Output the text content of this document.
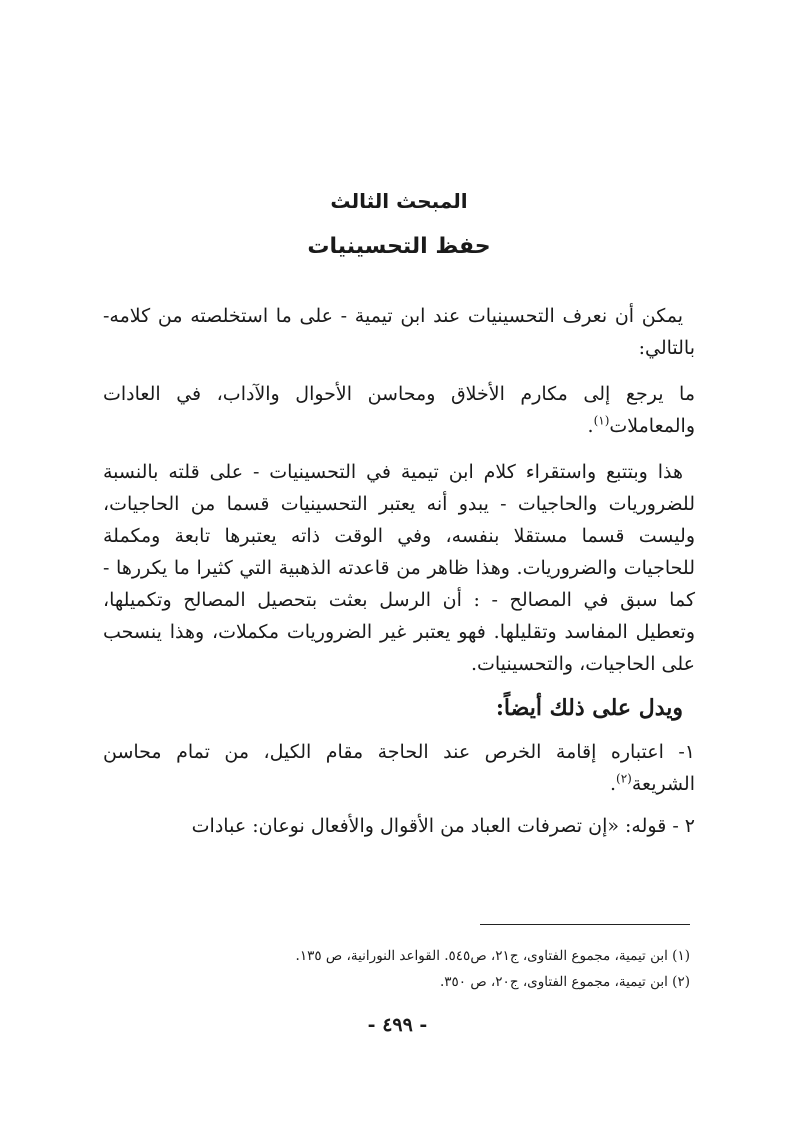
المبحث الثالث
حفظ التحسينيات

يمكن أن نعرف التحسينيات عند ابن تيمية - على ما استخلصته من كلامه- بالتالي:

ما يرجع إلى مكارم الأخلاق ومحاسن الأحوال والآداب، في العادات والمعاملات$^{(١)}$.

هذا وبتتبع واستقراء كلام ابن تيمية في التحسينيات - على قلته بالنسبة للضروريات والحاجيات - يبدو أنه يعتبر التحسينيات قسما من الحاجيات، وليست قسما مستقلا بنفسه، وفي الوقت ذاته يعتبرها تابعة ومكملة للحاجيات والضروريات. وهذا ظاهر من قاعدته الذهبية التي كثيرا ما يكررها - كما سبق في المصالح - : أن الرسل بعثت بتحصيل المصالح وتكميلها، وتعطيل المفاسد وتقليلها. فهو يعتبر غير الضروريات مكملات، وهذا ينسحب على الحاجيات، والتحسينيات.

ويدل على ذلك أيضاً:

١- اعتباره إقامة الخرص عند الحاجة مقام الكيل، من تمام محاسن الشريعة$^{(٢)}$.

٢ - قوله: «إن تصرفات العباد من الأقوال والأفعال نوعان: عبادات

(١) ابن تيمية، مجموع الفتاوى، ج٢١، ص٥٤٥. القواعد النورانية، ص ١٣٥.

(٢) ابن تيمية، مجموع الفتاوى، ج٢٠، ص ٣٥٠.

- ٤٩٩ -
